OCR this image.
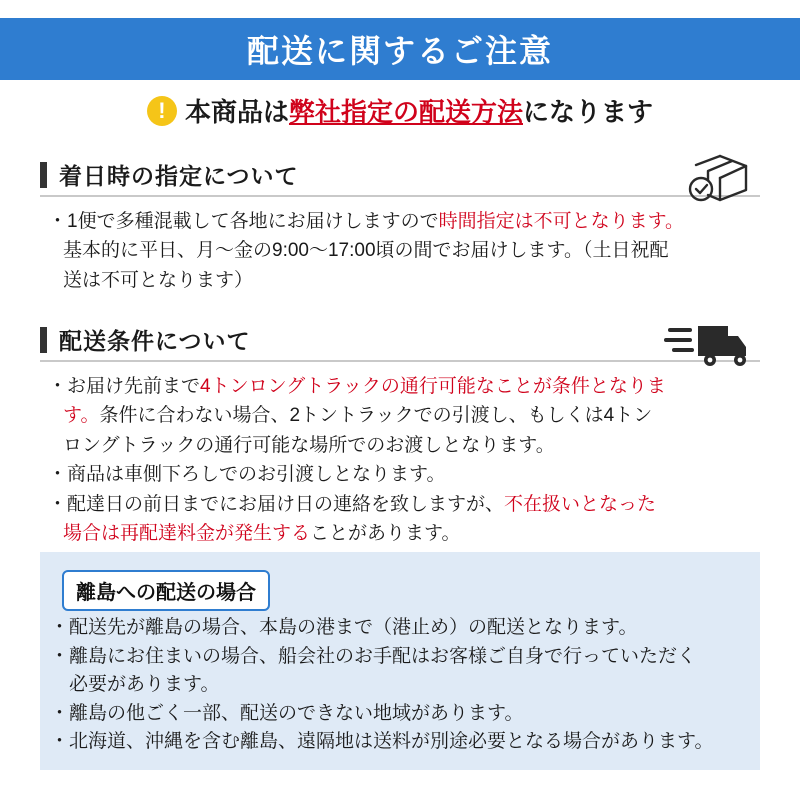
配送に関するご注意
! 本商品は弊社指定の配送方法になります
着日時の指定について
・1便で多種混載して各地にお届けしますので時間指定は不可となります。
基本的に平日、月〜金の9:00〜17:00頃の間でお届けします。（土日祝配
送は不可となります）
配送条件について
・お届け先前まで4トンロングトラックの通行可能なことが条件となりま
す。条件に合わない場合、2トントラックでの引渡し、もしくは4トン
ロングトラックの通行可能な場所でのお渡しとなります。
・商品は車側下ろしでのお引渡しとなります。
・配達日の前日までにお届け日の連絡を致しますが、不在扱いとなった
場合は再配達料金が発生することがあります。
離島への配送の場合
・配送先が離島の場合、本島の港まで（港止め）の配送となります。
・離島にお住まいの場合、船会社のお手配はお客様ご自身で行っていただく
　必要があります。
・離島の他ごく一部、配送のできない地域があります。
・北海道、沖縄を含む離島、遠隔地は送料が別途必要となる場合があります。
